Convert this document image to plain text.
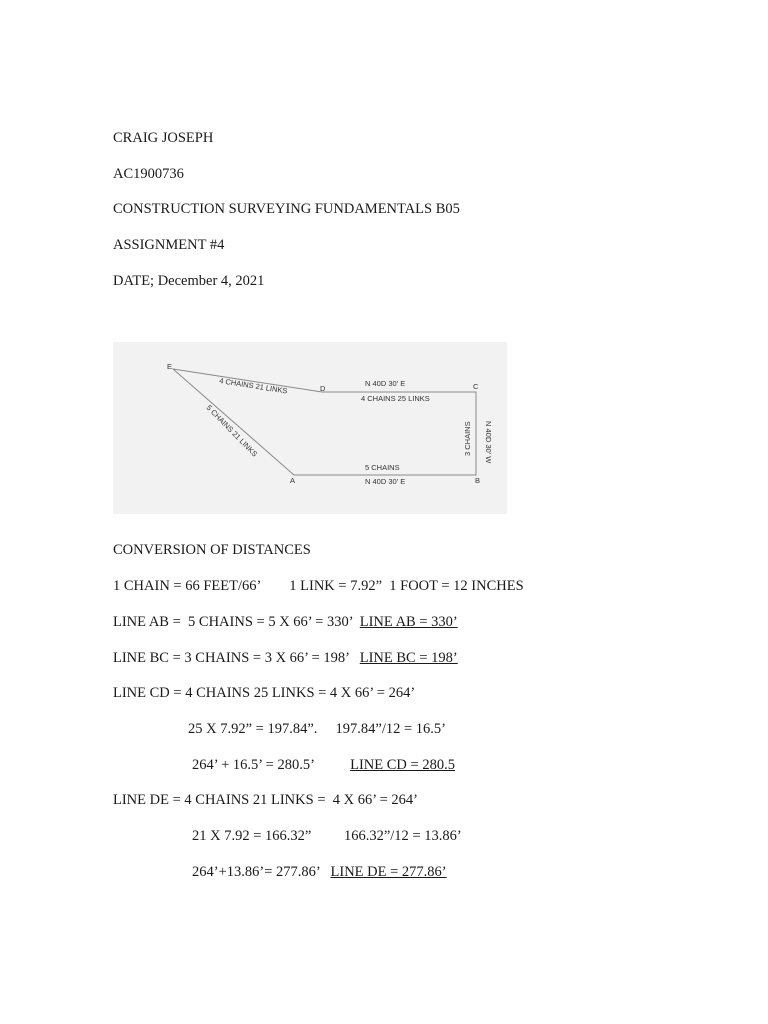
CRAIG JOSEPH
AC1900736
CONSTRUCTION SURVEYING FUNDAMENTALS B05
ASSIGNMENT #4
DATE; December 4, 2021
E
D	C
B
A
4 CHAINS 21 LINKS
5 CHAINS 21 LINKS
N 40D 30' E
4 CHAINS 25 LINKS
3 CHAINS N 40D 30' W
5 CHAINS
N 40D 30' E
CONVERSION OF DISTANCES
1 CHAIN = 66 FEET/66’ 1 LINK = 7.92” 1 FOOT = 12 INCHES
LINE AB =  5 CHAINS = 5 X 66’ = 330’ LINE AB = 330’
LINE BC = 3 CHAINS = 3 X 66’ = 198’ LINE BC = 198’
LINE CD = 4 CHAINS 25 LINKS = 4 X 66’ = 264’
25 X 7.92” = 197.84”. 197.84”/12 = 16.5’
264’ + 16.5’ = 280.5’	LINE CD = 280.5
LINE DE = 4 CHAINS 21 LINKS =  4 X 66’ = 264’
21 X 7.92 = 166.32” 166.32”/12 = 13.86’
264’+13.86’= 277.86’ LINE DE = 277.86’
